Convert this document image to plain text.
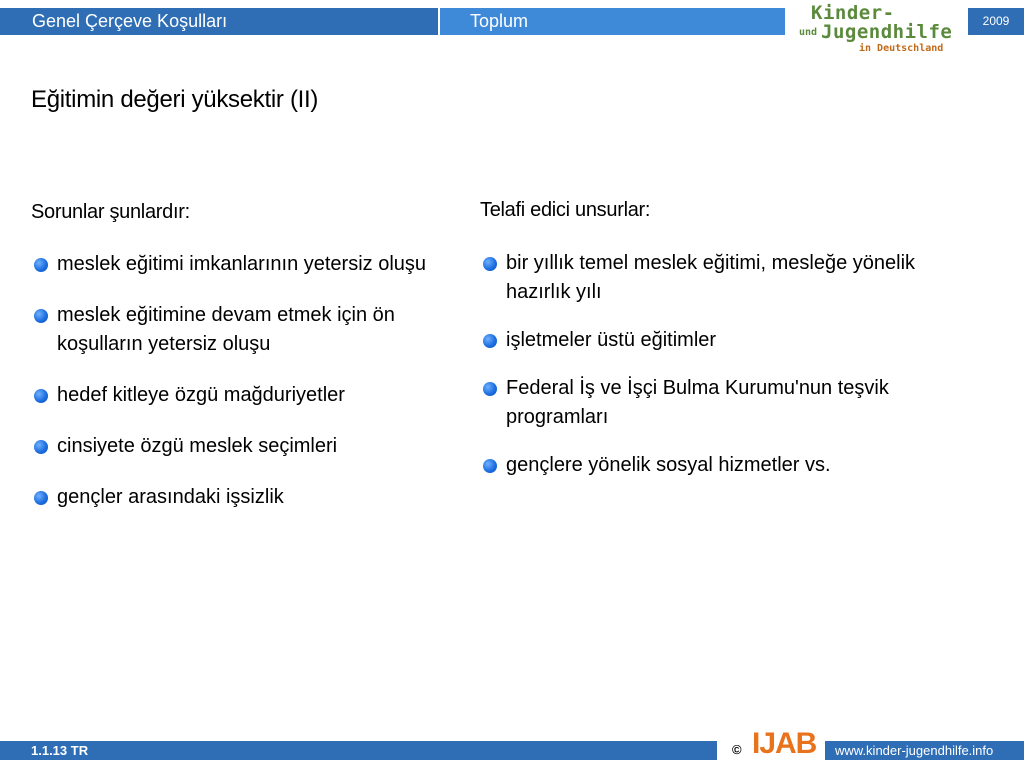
Genel Çerçeve Koşulları	Toplum	Kinder-
und Jugendhilfe
in Deutschland
2009
Eğitimin değeri yüksektir (II)
Sorunlar şunlardır:
meslek eğitimi imkanlarının yetersiz oluşu
meslek eğitimine devam etmek için ön koşulların yetersiz oluşu
hedef kitleye özgü mağduriyetler
cinsiyete özgü meslek seçimleri
gençler arasındaki işsizlik
Telafi edici unsurlar:
bir yıllık temel meslek eğitimi, mesleğe yönelik hazırlık yılı
işletmeler üstü eğitimler
Federal İş ve İşçi Bulma Kurumu'nun teşvik programları
gençlere yönelik sosyal hizmetler vs.
1.1.13 TR	© IJAB	www.kinder-jugendhilfe.info
